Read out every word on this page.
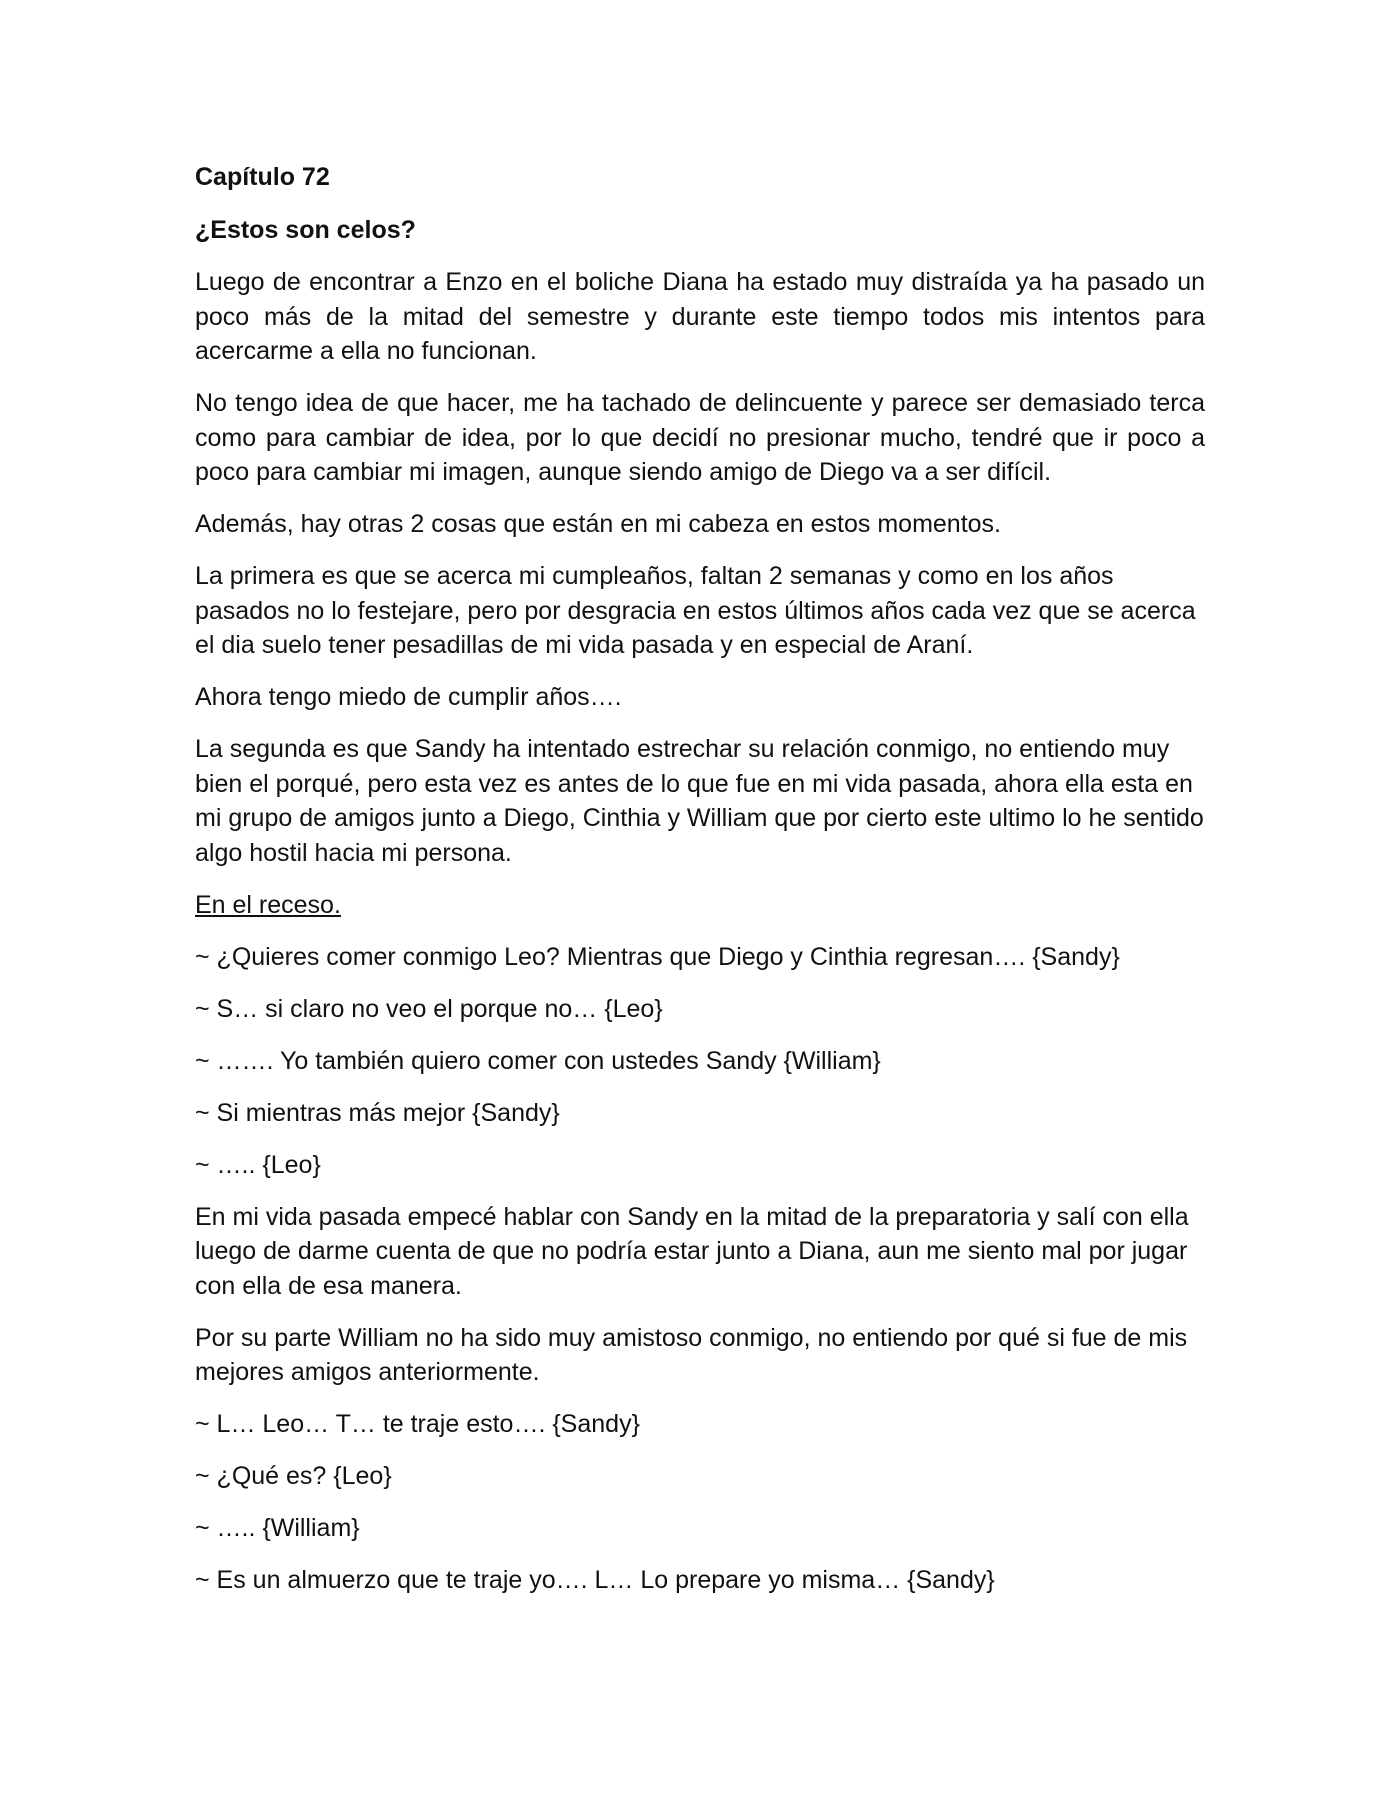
Capítulo 72
¿Estos son celos?

Luego de encontrar a Enzo en el boliche Diana ha estado muy distraída ya ha pasado un poco más de la mitad del semestre y durante este tiempo todos mis intentos para acercarme a ella no funcionan.

No tengo idea de que hacer, me ha tachado de delincuente y parece ser demasiado terca como para cambiar de idea, por lo que decidí no presionar mucho, tendré que ir poco a poco para cambiar mi imagen, aunque siendo amigo de Diego va a ser difícil.

Además, hay otras 2 cosas que están en mi cabeza en estos momentos.

La primera es que se acerca mi cumpleaños, faltan 2 semanas y como en los años pasados no lo festejare, pero por desgracia en estos últimos años cada vez que se acerca el dia suelo tener pesadillas de mi vida pasada y en especial de Araní.

Ahora tengo miedo de cumplir años….

La segunda es que Sandy ha intentado estrechar su relación conmigo, no entiendo muy bien el porqué, pero esta vez es antes de lo que fue en mi vida pasada, ahora ella esta en mi grupo de amigos junto a Diego, Cinthia y William que por cierto este ultimo lo he sentido algo hostil hacia mi persona.

En el receso.

~ ¿Quieres comer conmigo Leo? Mientras que Diego y Cinthia regresan…. {Sandy}

~ S… si claro no veo el porque no… {Leo}

~ ……. Yo también quiero comer con ustedes Sandy {William}

~ Si mientras más mejor {Sandy}

~ ….. {Leo}

En mi vida pasada empecé hablar con Sandy en la mitad de la preparatoria y salí con ella luego de darme cuenta de que no podría estar junto a Diana, aun me siento mal por jugar con ella de esa manera.

Por su parte William no ha sido muy amistoso conmigo, no entiendo por qué si fue de mis mejores amigos anteriormente.

~ L… Leo… T… te traje esto…. {Sandy}

~ ¿Qué es? {Leo}

~ ….. {William}

~ Es un almuerzo que te traje yo…. L… Lo prepare yo misma… {Sandy}
